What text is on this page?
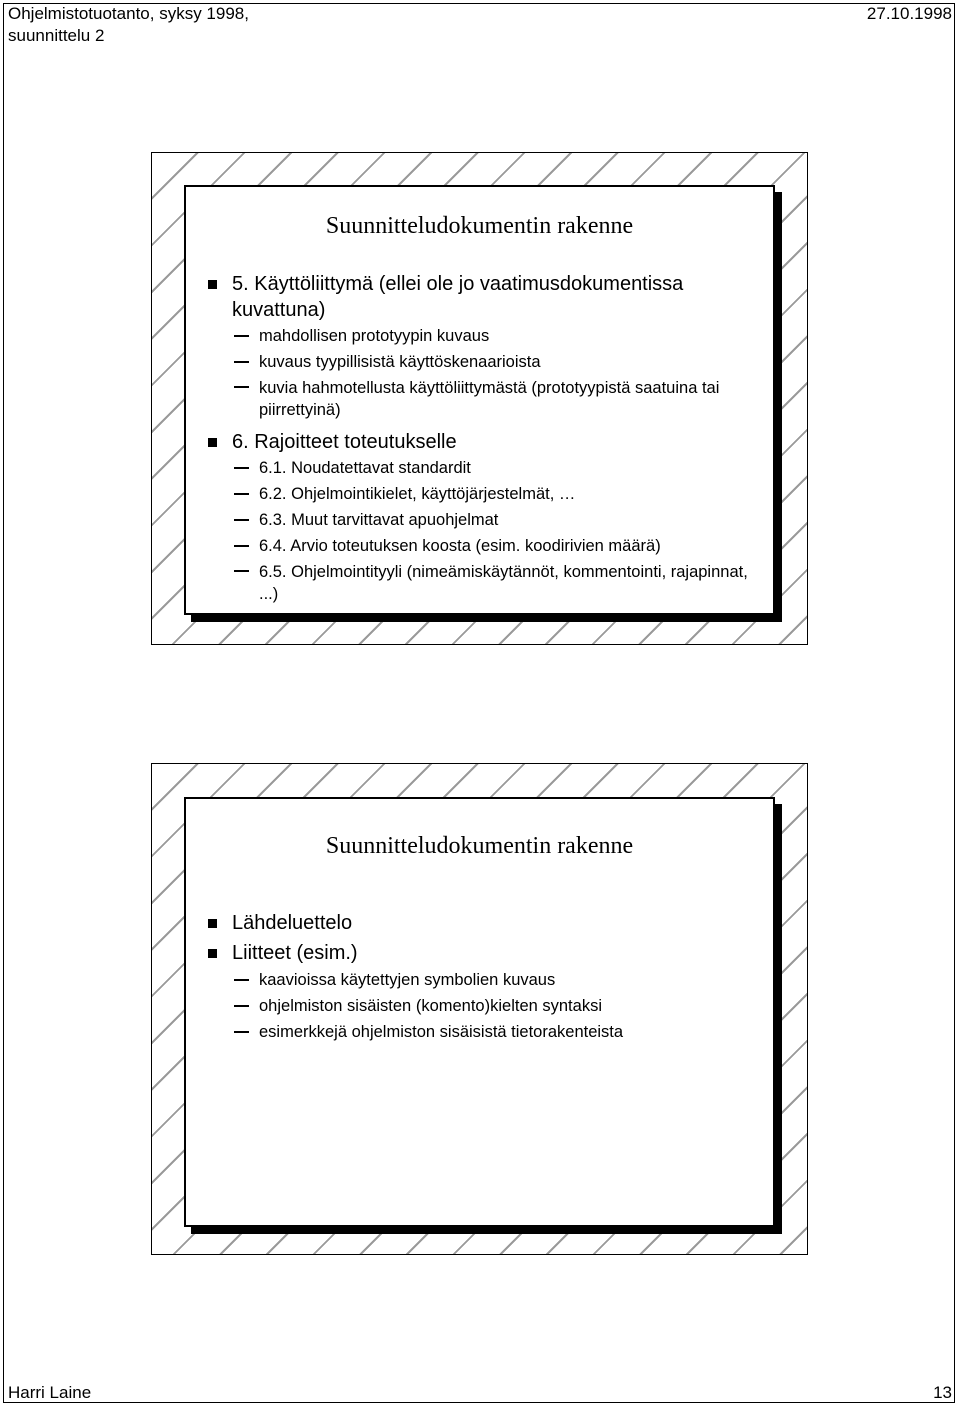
Ohjelmistotuotanto, syksy 1998,
suunnittelu 2
27.10.1998
Suunnitteludokumentin rakenne
5. Käyttöliittymä (ellei ole jo vaatimusdokumentissa kuvattuna)
mahdollisen prototyypin kuvaus
kuvaus tyypillisistä käyttöskenaarioista
kuvia hahmotellusta käyttöliittymästä (prototyypistä saatuina tai piirrettyinä)
6. Rajoitteet toteutukselle
6.1. Noudatettavat standardit
6.2. Ohjelmointikielet, käyttöjärjestelmät, …
6.3. Muut tarvittavat apuohjelmat
6.4. Arvio toteutuksen koosta (esim. koodirivien määrä)
6.5. Ohjelmointityyli (nimeämiskäytännöt, kommentointi, rajapinnat, ...)
Suunnitteludokumentin rakenne
Lähdeluettelo
Liitteet (esim.)
kaavioissa käytettyjen symbolien kuvaus
ohjelmiston sisäisten (komento)kielten syntaksi
esimerkkejä ohjelmiston sisäisistä tietorakenteista
Harri Laine	13
